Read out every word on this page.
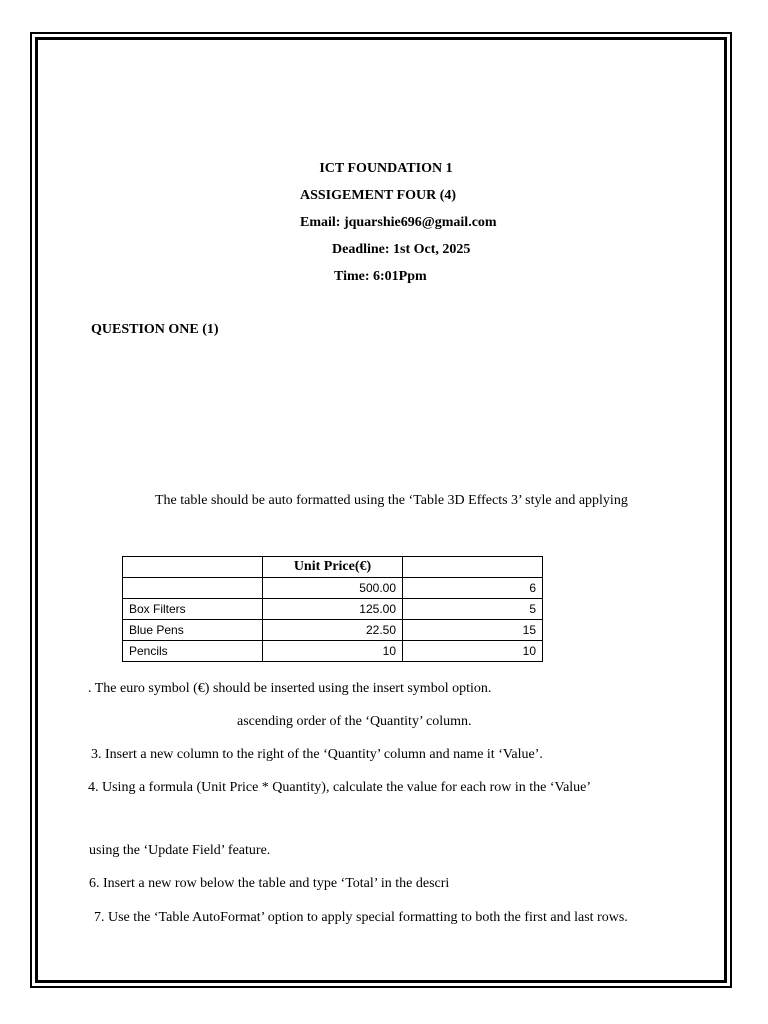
ICT FOUNDATION 1
ASSIGEMENT FOUR (4)
Email: jquarshie696@gmail.com
Deadline: 1st Oct, 2025
Time: 6:01Ppm
QUESTION ONE (1)
The table should be auto formatted using the ‘Table 3D Effects 3’ style and applying
	Unit Price(€)	
	500.00	6
Box Filters	125.00	5
Blue Pens	22.50	15
Pencils	10	10
. The euro symbol (€) should be inserted using the insert symbol option.
ascending order of the ‘Quantity’ column.
3. Insert a new column to the right of the ‘Quantity’ column and name it ‘Value’.
4. Using a formula (Unit Price * Quantity), calculate the value for each row in the ‘Value’
using the ‘Update Field’ feature.
6. Insert a new row below the table and type ‘Total’ in the descri
7. Use the ‘Table AutoFormat’ option to apply special formatting to both the first and last rows.
